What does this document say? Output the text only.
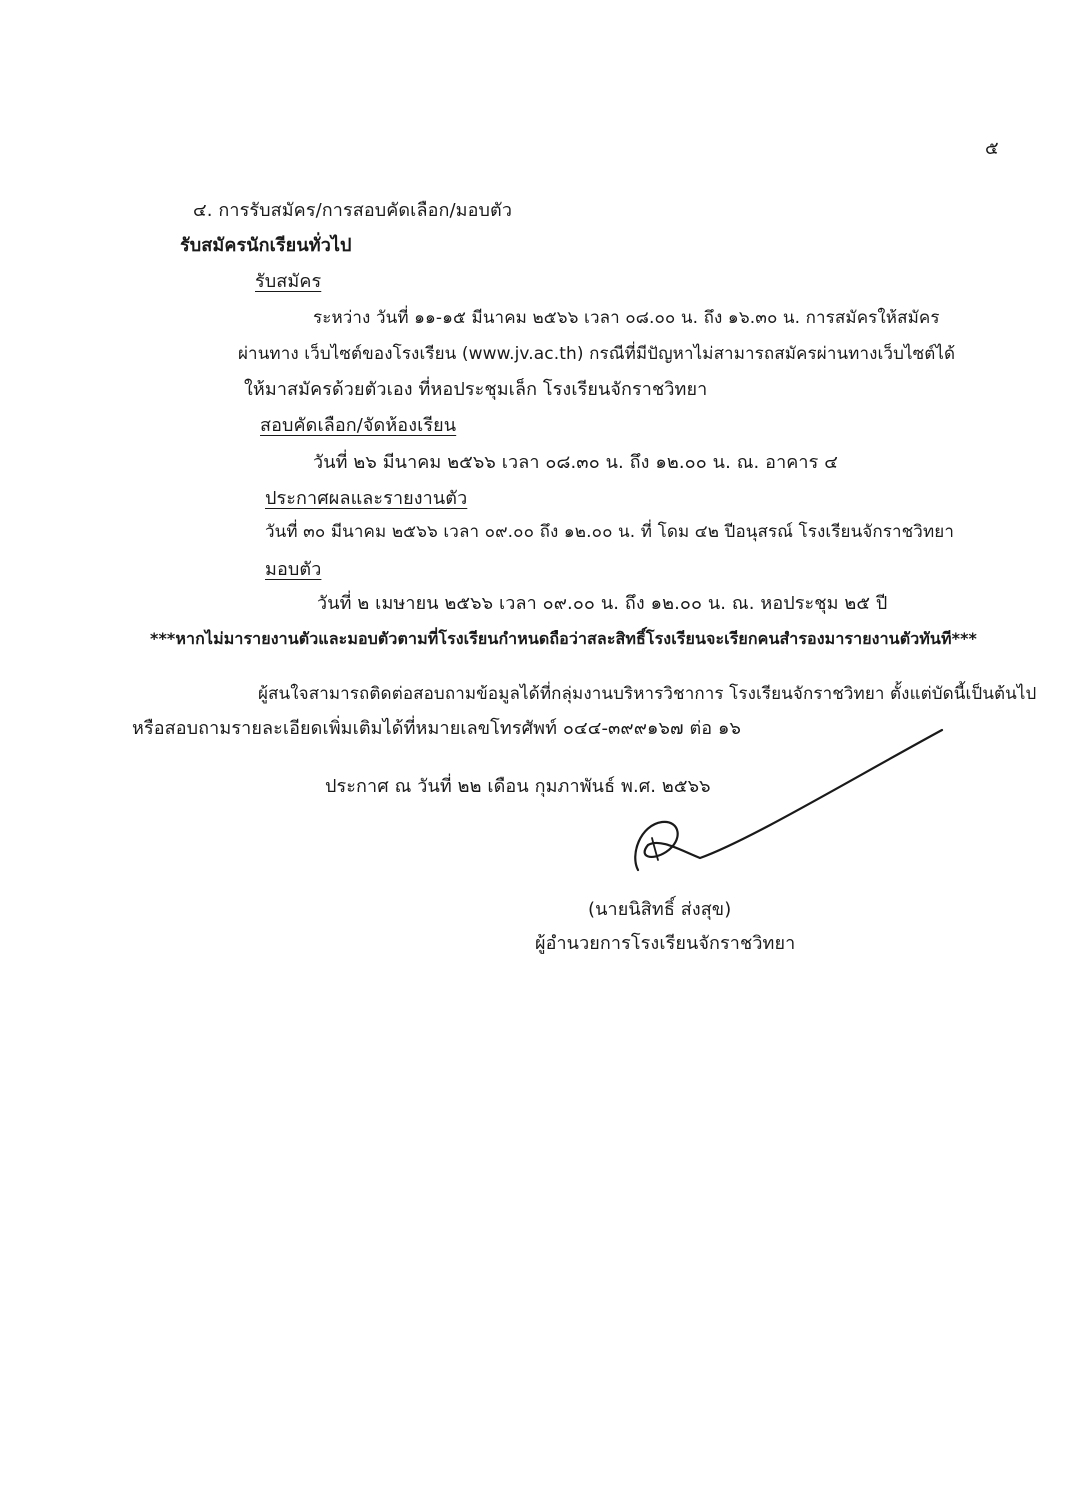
๕
๔. การรับสมัคร/การสอบคัดเลือก/มอบตัว
รับสมัครนักเรียนทั่วไป
รับสมัคร
ระหว่าง วันที่ ๑๑-๑๕ มีนาคม ๒๕๖๖ เวลา ๐๘.๐๐ น. ถึง ๑๖.๓๐ น. การสมัครให้สมัคร
ผ่านทาง เว็บไซต์ของโรงเรียน (www.jv.ac.th) กรณีที่มีปัญหาไม่สามารถสมัครผ่านทางเว็บไซต์ได้
ให้มาสมัครด้วยตัวเอง ที่หอประชุมเล็ก โรงเรียนจักราชวิทยา
สอบคัดเลือก/จัดห้องเรียน
วันที่ ๒๖ มีนาคม ๒๕๖๖ เวลา ๐๘.๓๐ น. ถึง ๑๒.๐๐ น. ณ. อาคาร ๔
ประกาศผลและรายงานตัว
วันที่ ๓๐ มีนาคม ๒๕๖๖ เวลา ๐๙.๐๐ ถึง ๑๒.๐๐ น. ที่ โดม ๔๒ ปีอนุสรณ์ โรงเรียนจักราชวิทยา
มอบตัว
วันที่ ๒ เมษายน ๒๕๖๖ เวลา ๐๙.๐๐ น. ถึง ๑๒.๐๐ น. ณ. หอประชุม ๒๕ ปี
***หากไม่มารายงานตัวและมอบตัวตามที่โรงเรียนกำหนดถือว่าสละสิทธิ์โรงเรียนจะเรียกคนสำรองมารายงานตัวทันที***
ผู้สนใจสามารถติดต่อสอบถามข้อมูลได้ที่กลุ่มงานบริหารวิชาการ โรงเรียนจักราชวิทยา ตั้งแต่บัดนี้เป็นต้นไป
หรือสอบถามรายละเอียดเพิ่มเติมได้ที่หมายเลขโทรศัพท์ ๐๔๔-๓๙๙๑๖๗ ต่อ ๑๖
ประกาศ ณ วันที่ ๒๒ เดือน กุมภาพันธ์ พ.ศ. ๒๕๖๖
(นายนิสิทธิ์ ส่งสุข)
ผู้อำนวยการโรงเรียนจักราชวิทยา
